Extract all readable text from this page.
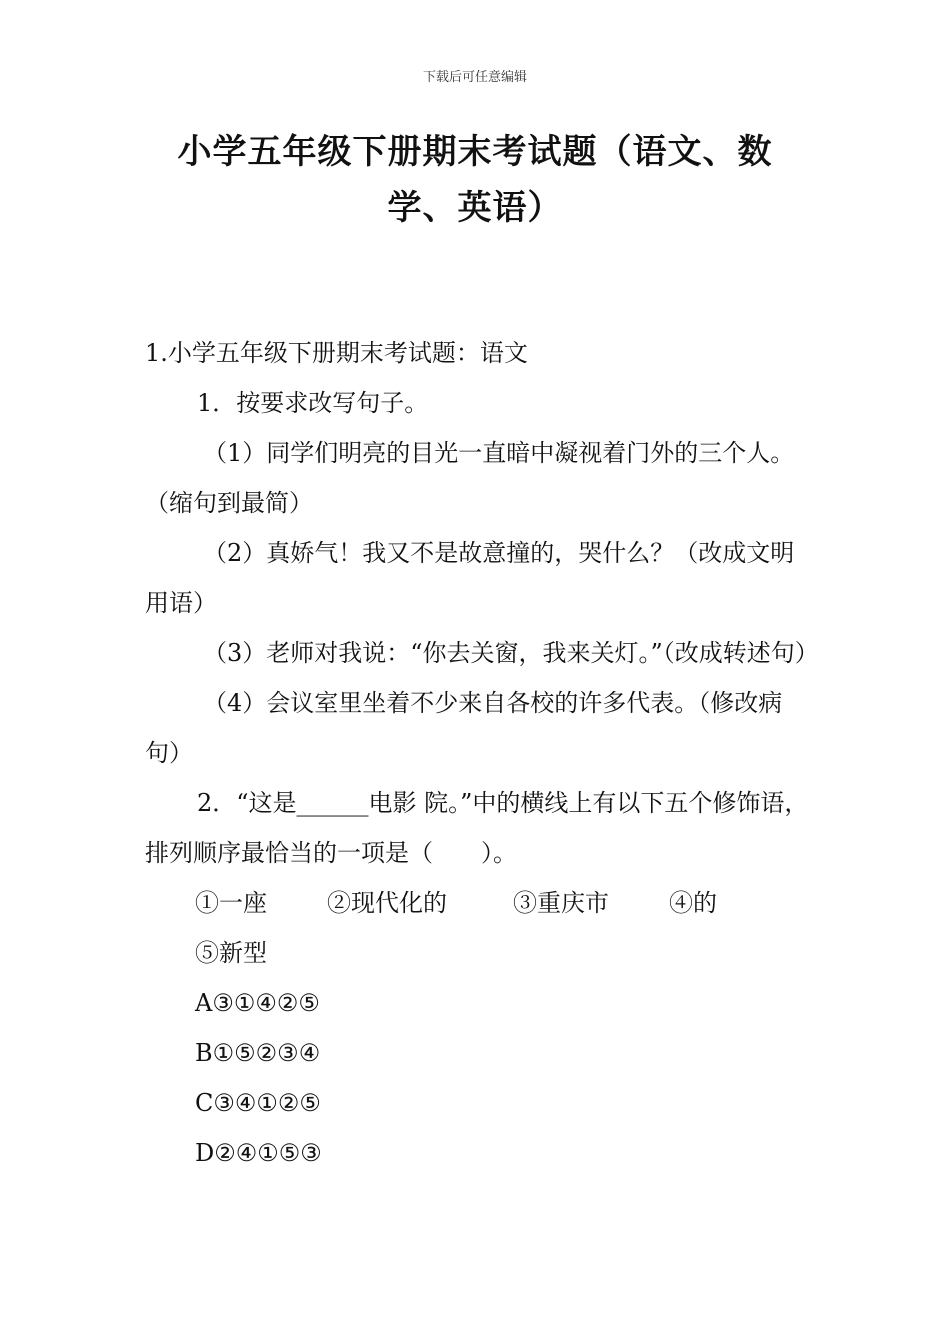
下载后可任意编辑
小学五年级下册期末考试题（语文、数学、英语）

1.小学五年级下册期末考试题：语文

1．按要求改写句子。

（1）同学们明亮的目光一直暗中凝视着门外的三个人。（缩句到最简）

（2）真娇气！我又不是故意撞的，哭什么？（改成文明用语）

（3）老师对我说：“你去关窗，我来关灯。”（改成转述句）

（4）会议室里坐着不少来自各校的许多代表。（修改病句）

2．“这是______电影 院。”中的横线上有以下五个修饰语，排列顺序最恰当的一项是（　　）。

①一座	②现代化的	③重庆市	④的⑤新型

A③①④②⑤

B①⑤②③④

C③④①②⑤

D②④①⑤③
